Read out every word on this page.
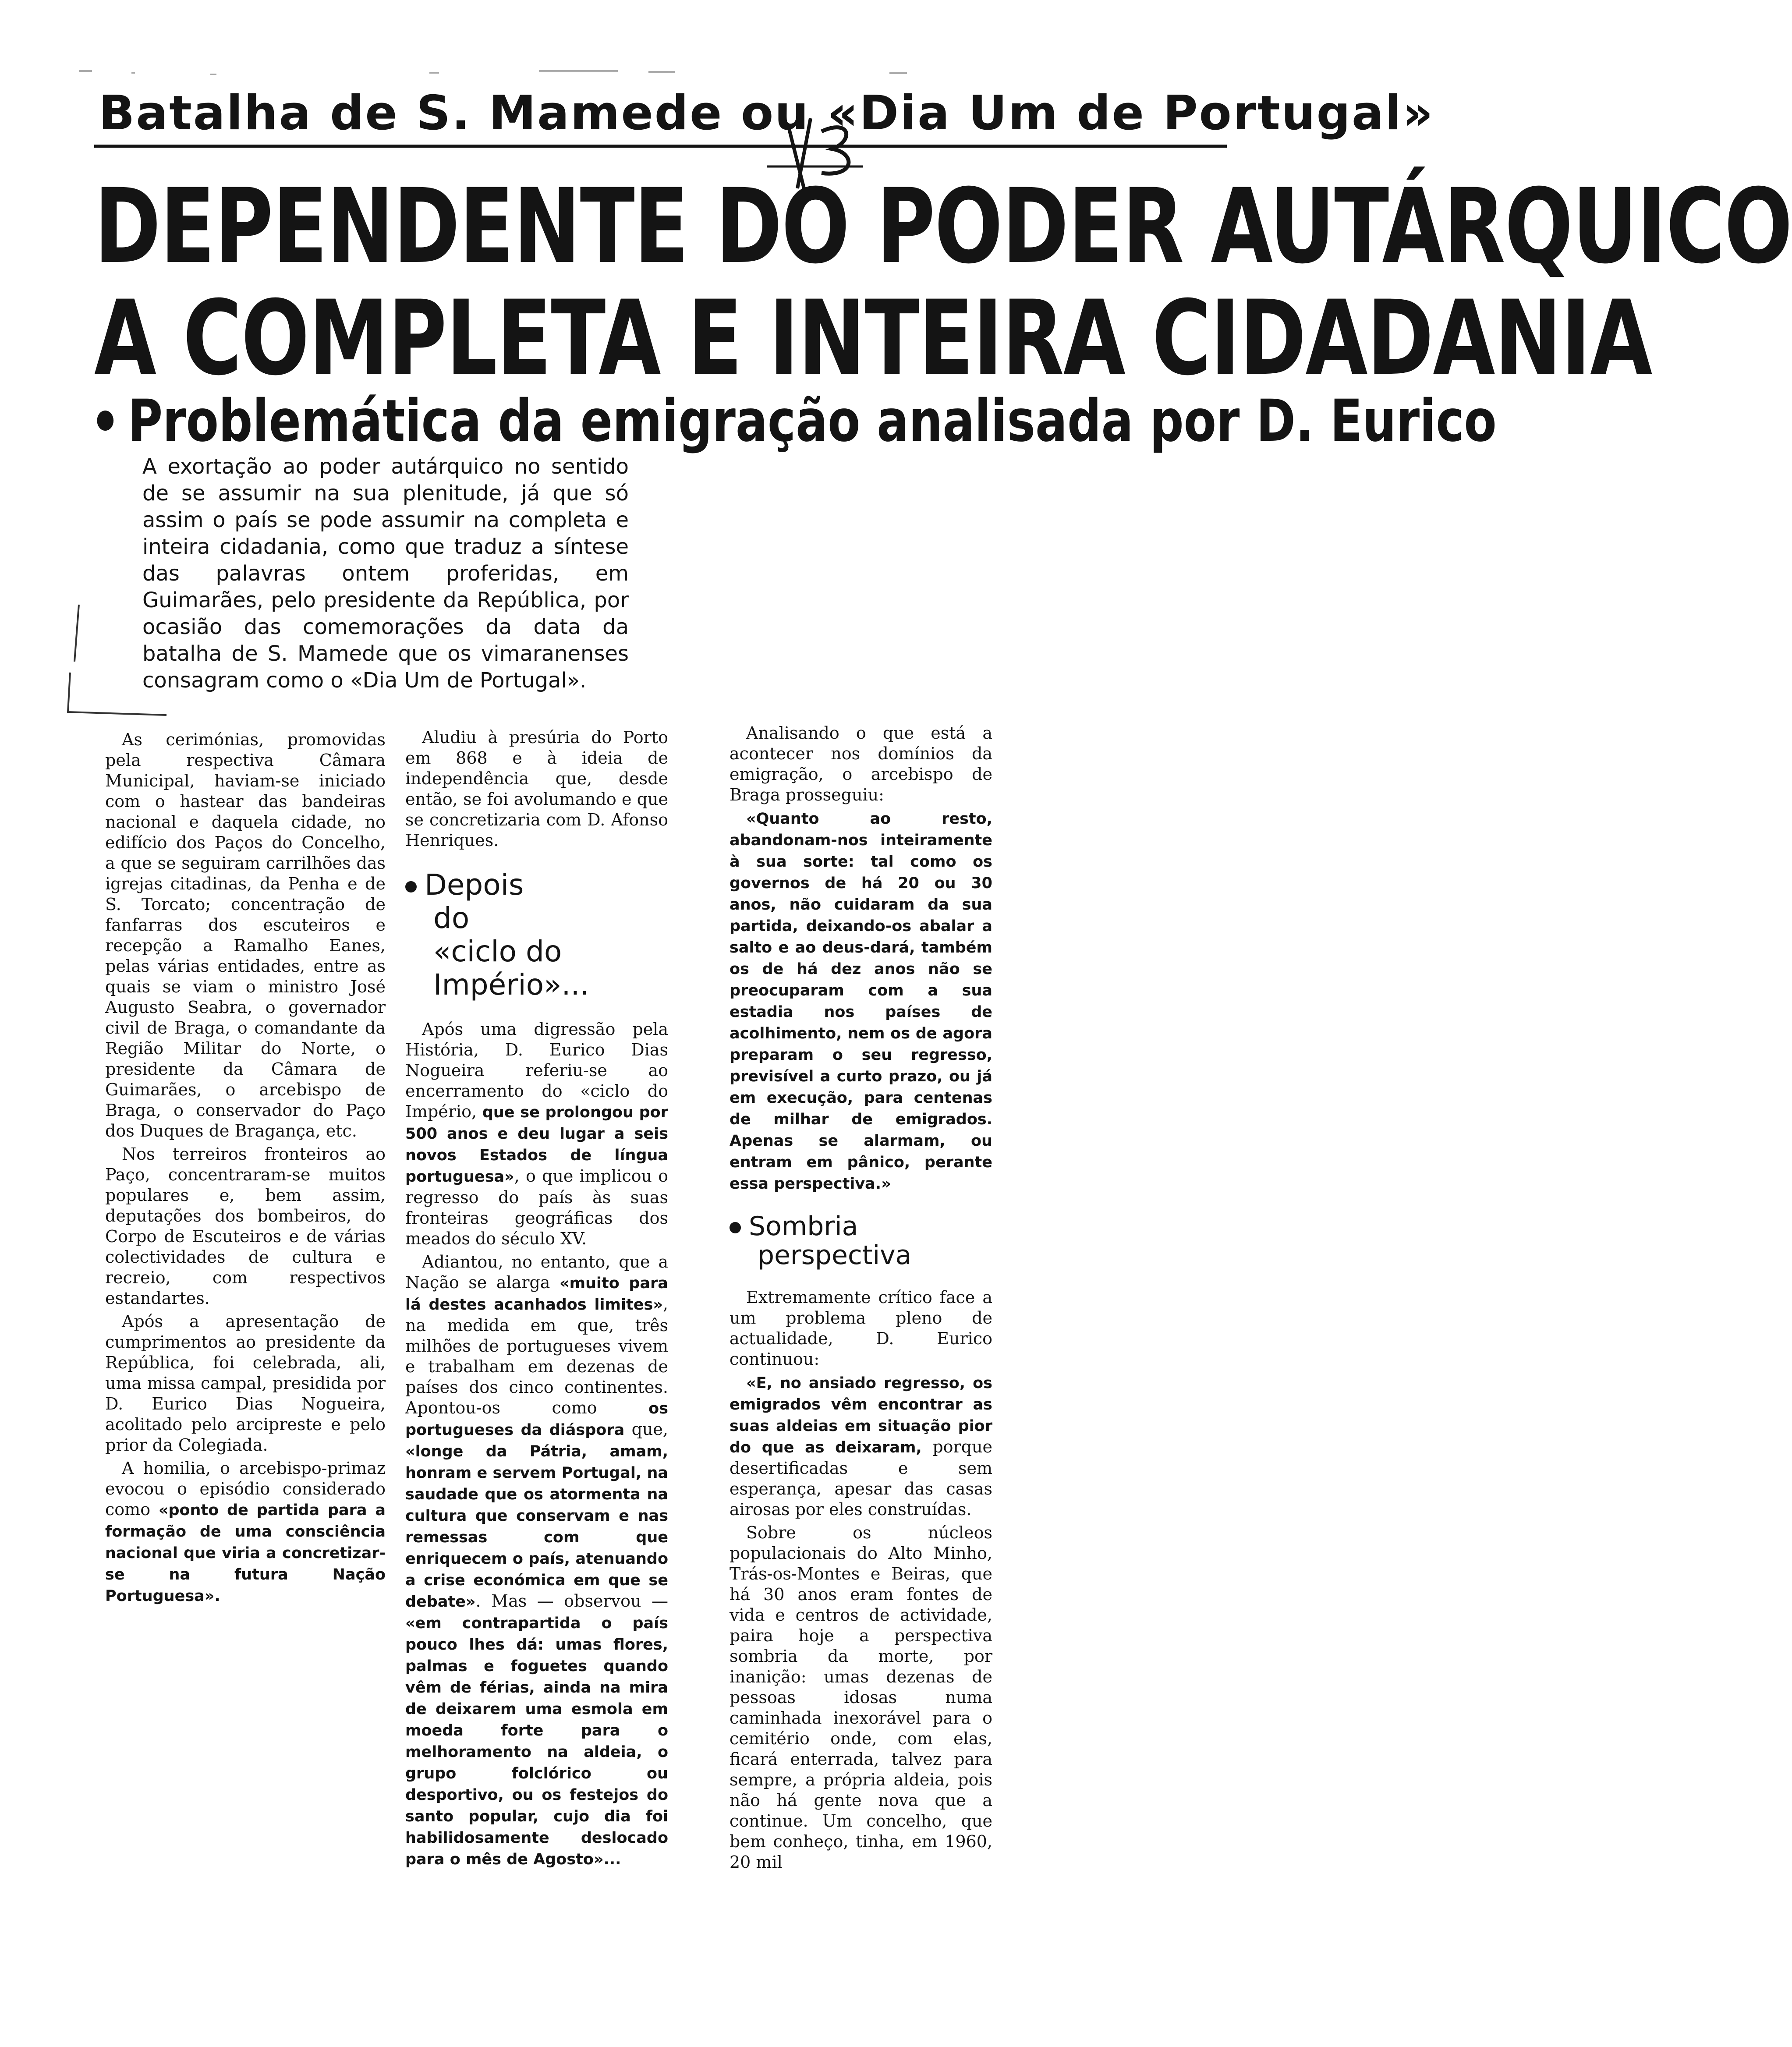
Batalha de S. Mamede ou «Dia Um de Portugal»
DEPENDENTE DO PODER AUTÁRQUICO
A COMPLETA E INTEIRA CIDADANIA
Problemática da emigração analisada por D. Eurico
A exortação ao poder autárquico no sentido de se assumir na sua plenitude, já que só assim o país se pode assumir na completa e inteira cidadania, como que traduz a síntese das palavras ontem proferidas, em Guimarães, pelo presidente da República, por ocasião das comemorações da data da batalha de S. Mamede que os vimaranenses consagram como o «Dia Um de Portugal».

As cerimónias, promovidas pela respectiva Câmara Municipal, haviam-se iniciado com o hastear das bandeiras nacional e daquela cidade, no edifício dos Paços do Concelho, a que se seguiram carrilhões das igrejas citadinas, da Penha e de S. Torcato; concentração de fanfarras dos escuteiros e recepção a Ramalho Eanes, pelas várias entidades, entre as quais se viam o ministro José Augusto Seabra, o governador civil de Braga, o comandante da Região Militar do Norte, o presidente da Câmara de Guimarães, o arcebispo de Braga, o conservador do Paço dos Duques de Bragança, etc.

Nos terreiros fronteiros ao Paço, concentraram-se muitos populares e, bem assim, deputações dos bombeiros, do Corpo de Escuteiros e de várias colectividades de cultura e recreio, com respectivos estandartes.

Após a apresentação de cumprimentos ao presidente da República, foi celebrada, ali, uma missa campal, presidida por D. Eurico Dias Nogueira, acolitado pelo arcipreste e pelo prior da Colegiada.

A homilia, o arcebispo-primaz evocou o episódio considerado como «ponto de partida para a formação de uma consciência nacional que viria a concretizar-se na futura Nação Portuguesa».

Aludiu à presúria do Porto em 868 e à ideia de independência que, desde então, se foi avolumando e que se concretizaria com D. Afonso Henriques.

Depois
do
«ciclo do
Império»...

Após uma digressão pela História, D. Eurico Dias Nogueira referiu-se ao encerramento do «ciclo do Império, que se prolongou por 500 anos e deu lugar a seis novos Estados de língua portuguesa», o que implicou o regresso do país às suas fronteiras geográficas dos meados do século XV.

Adiantou, no entanto, que a Nação se alarga «muito para lá destes acanhados limites», na medida em que, três milhões de portugueses vivem e trabalham em dezenas de países dos cinco continentes. Apontou-os como	os portugueses da diáspora que, «longe da Pátria, amam, honram e servem Portugal, na saudade que os atormenta na cultura que conservam e nas remessas com que enriquecem o país, atenuando a crise económica em que se debate». Mas — observou — «em contrapartida o país pouco lhes dá: umas flores, palmas e foguetes quando vêm de férias, ainda na mira de deixarem uma esmola em moeda forte para o melhoramento na aldeia, o grupo folclórico ou desportivo, ou os festejos do santo popular, cujo dia foi habilidosamente deslocado para o mês de Agosto»...

Analisando o que está a acontecer nos domínios da emigração, o arcebispo de Braga prosseguiu:

«Quanto ao resto, abandonam-nos inteiramente à sua sorte: tal como os governos de há 20 ou 30 anos, não cuidaram da sua partida, deixando-os abalar a salto e ao deus-dará, também os de há dez anos não se preocuparam com a sua estadia nos países de acolhimento, nem os de agora preparam o seu regresso, previsível a curto prazo, ou já em execução, para centenas de milhar de emigrados. Apenas se alarmam, ou entram em pânico, perante essa perspectiva.»

Sombria
perspectiva

Extremamente crítico face a um problema pleno de actualidade, D. Eurico continuou:

«E, no ansiado regresso, os emigrados vêm encontrar as suas aldeias em situação pior do que as deixaram, porque desertificadas e sem esperança, apesar das casas airosas por eles construídas.

Sobre os núcleos populacionais do Alto Minho, Trás-os-Montes e Beiras, que há 30 anos eram fontes de vida e centros de actividade, paira hoje a perspectiva sombria da morte, por inanição: umas dezenas de pessoas idosas numa caminhada inexorável para o cemitério onde, com elas, ficará enterrada, talvez para sempre, a própria aldeia, pois não há gente nova que a continue. Um concelho, que bem conheço, tinha, em 1960, 20 mil
